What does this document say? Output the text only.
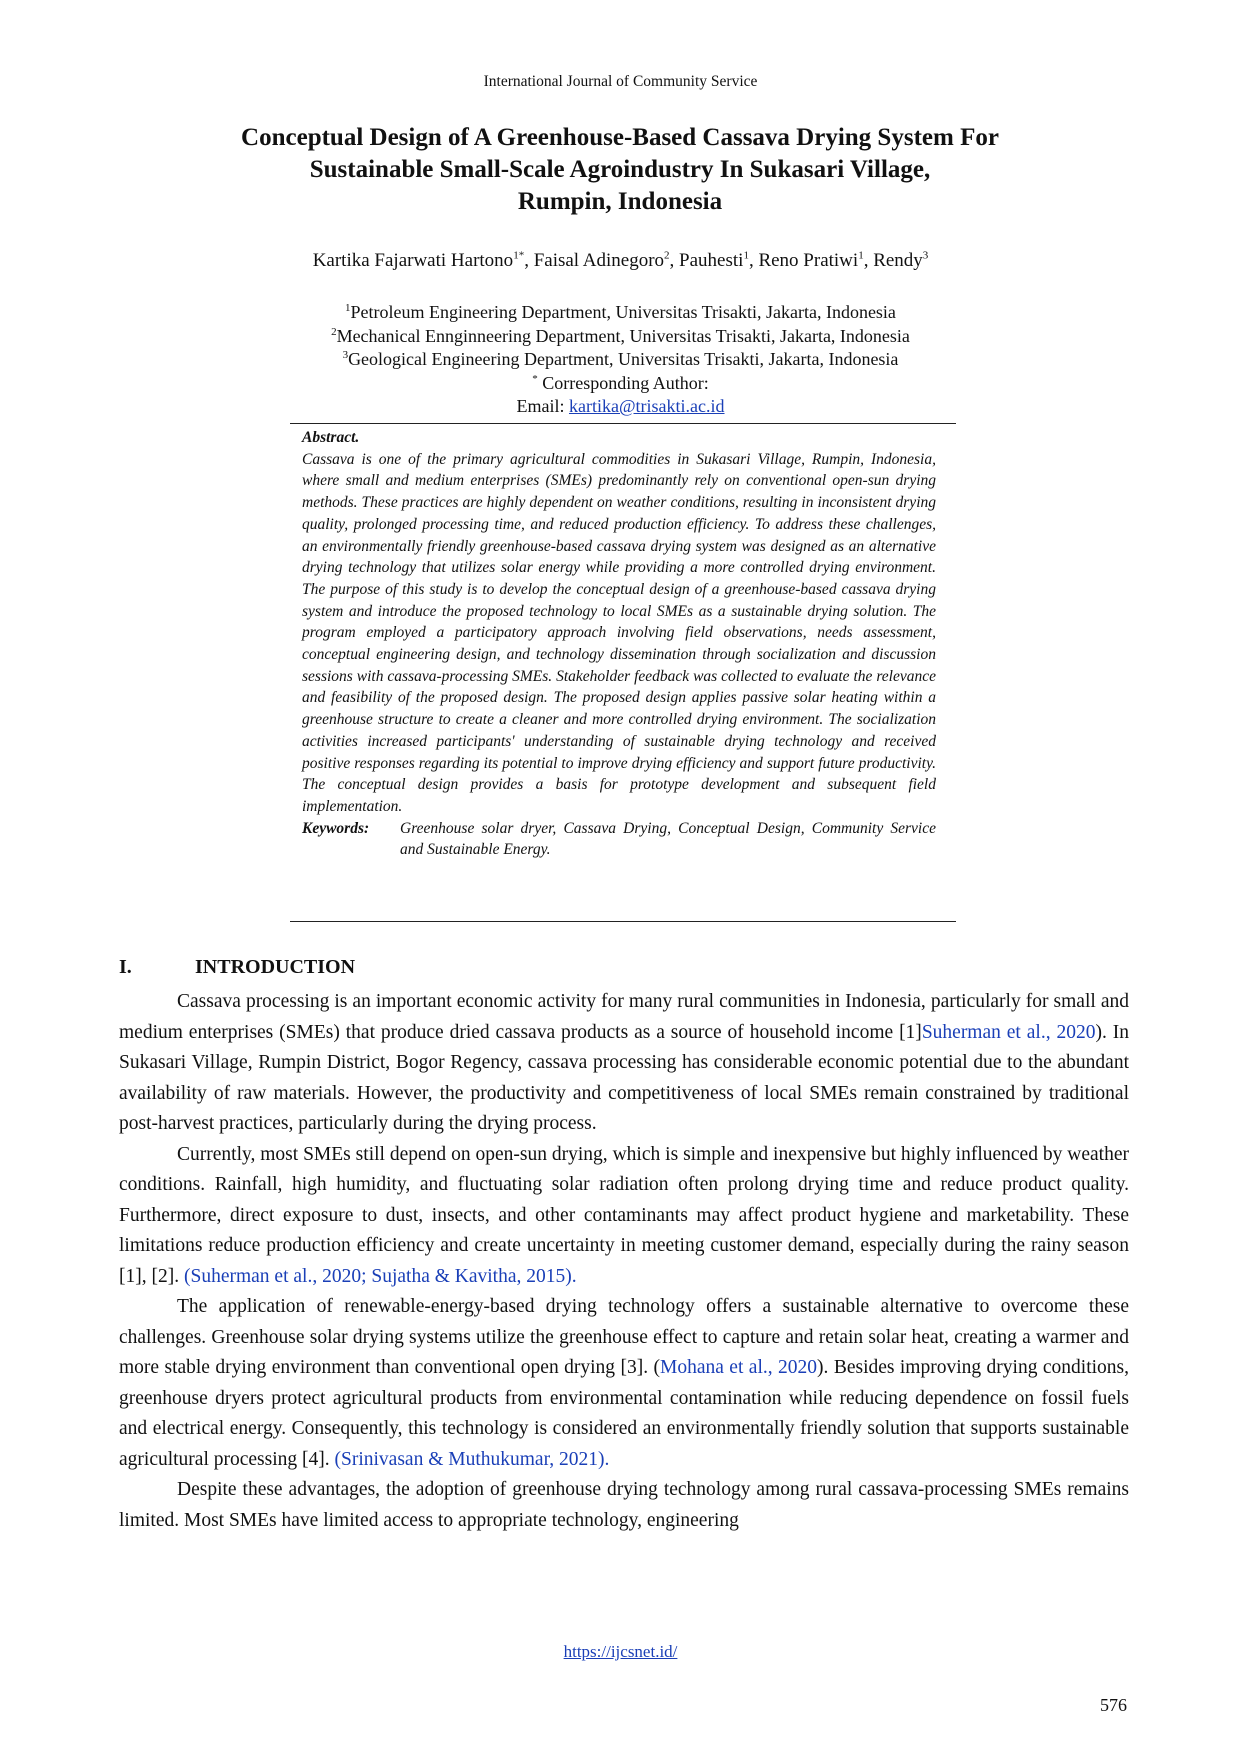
International Journal of Community Service
Conceptual Design of A Greenhouse-Based Cassava Drying System For
Sustainable Small-Scale Agroindustry In Sukasari Village,
Rumpin, Indonesia
Kartika Fajarwati Hartono$^{1*}$, Faisal Adinegoro$^2$, Pauhesti$^1$, Reno Pratiwi$^1$, Rendy$^3$
$^1$Petroleum Engineering Department, Universitas Trisakti, Jakarta, Indonesia
$^2$Mechanical Ennginneering Department, Universitas Trisakti, Jakarta, Indonesia
$^3$Geological Engineering Department, Universitas Trisakti, Jakarta, Indonesia
* Corresponding Author:
Email: kartika@trisakti.ac.id
Abstract.
Cassava is one of the primary agricultural commodities in Sukasari Village, Rumpin, Indonesia, where small and medium enterprises (SMEs) predominantly rely on conventional open-sun drying methods. These practices are highly dependent on weather conditions, resulting in inconsistent drying quality, prolonged processing time, and reduced production efficiency. To address these challenges, an environmentally friendly greenhouse-based cassava drying system was designed as an alternative drying technology that utilizes solar energy while providing a more controlled drying environment. The purpose of this study is to develop the conceptual design of a greenhouse-based cassava drying system and introduce the proposed technology to local SMEs as a sustainable drying solution. The program employed a participatory approach involving field observations, needs assessment, conceptual engineering design, and technology dissemination through socialization and discussion sessions with cassava-processing SMEs. Stakeholder feedback was collected to evaluate the relevance and feasibility of the proposed design. The proposed design applies passive solar heating within a greenhouse structure to create a cleaner and more controlled drying environment. The socialization activities increased participants' understanding of sustainable drying technology and received positive responses regarding its potential to improve drying efficiency and support future productivity. The conceptual design provides a basis for prototype development and subsequent field implementation.
Keywords:	Greenhouse solar dryer, Cassava Drying, Conceptual Design, Community Service and Sustainable Energy.
I.	INTRODUCTION

Cassava processing is an important economic activity for many rural communities in Indonesia, particularly for small and medium enterprises (SMEs) that produce dried cassava products as a source of household income [1]Suherman et al., 2020). In Sukasari Village, Rumpin District, Bogor Regency, cassava processing has considerable economic potential due to the abundant availability of raw materials. However, the productivity and competitiveness of local SMEs remain constrained by traditional post-harvest practices, particularly during the drying process.

Currently, most SMEs still depend on open-sun drying, which is simple and inexpensive but highly influenced by weather conditions. Rainfall, high humidity, and fluctuating solar radiation often prolong drying time and reduce product quality. Furthermore, direct exposure to dust, insects, and other contaminants may affect product hygiene and marketability. These limitations reduce production efficiency and create uncertainty in meeting customer demand, especially during the rainy season [1], [2]. (Suherman et al., 2020; Sujatha & Kavitha, 2015).

The application of renewable-energy-based drying technology offers a sustainable alternative to overcome these challenges. Greenhouse solar drying systems utilize the greenhouse effect to capture and retain solar heat, creating a warmer and more stable drying environment than conventional open drying [3]. (Mohana et al., 2020). Besides improving drying conditions, greenhouse dryers protect agricultural products from environmental contamination while reducing dependence on fossil fuels and electrical energy. Consequently, this technology is considered an environmentally friendly solution that supports sustainable agricultural processing [4]. (Srinivasan & Muthukumar, 2021).

Despite these advantages, the adoption of greenhouse drying technology among rural cassava-processing SMEs remains limited. Most SMEs have limited access to appropriate technology, engineering

https://ijcsnet.id/
576
